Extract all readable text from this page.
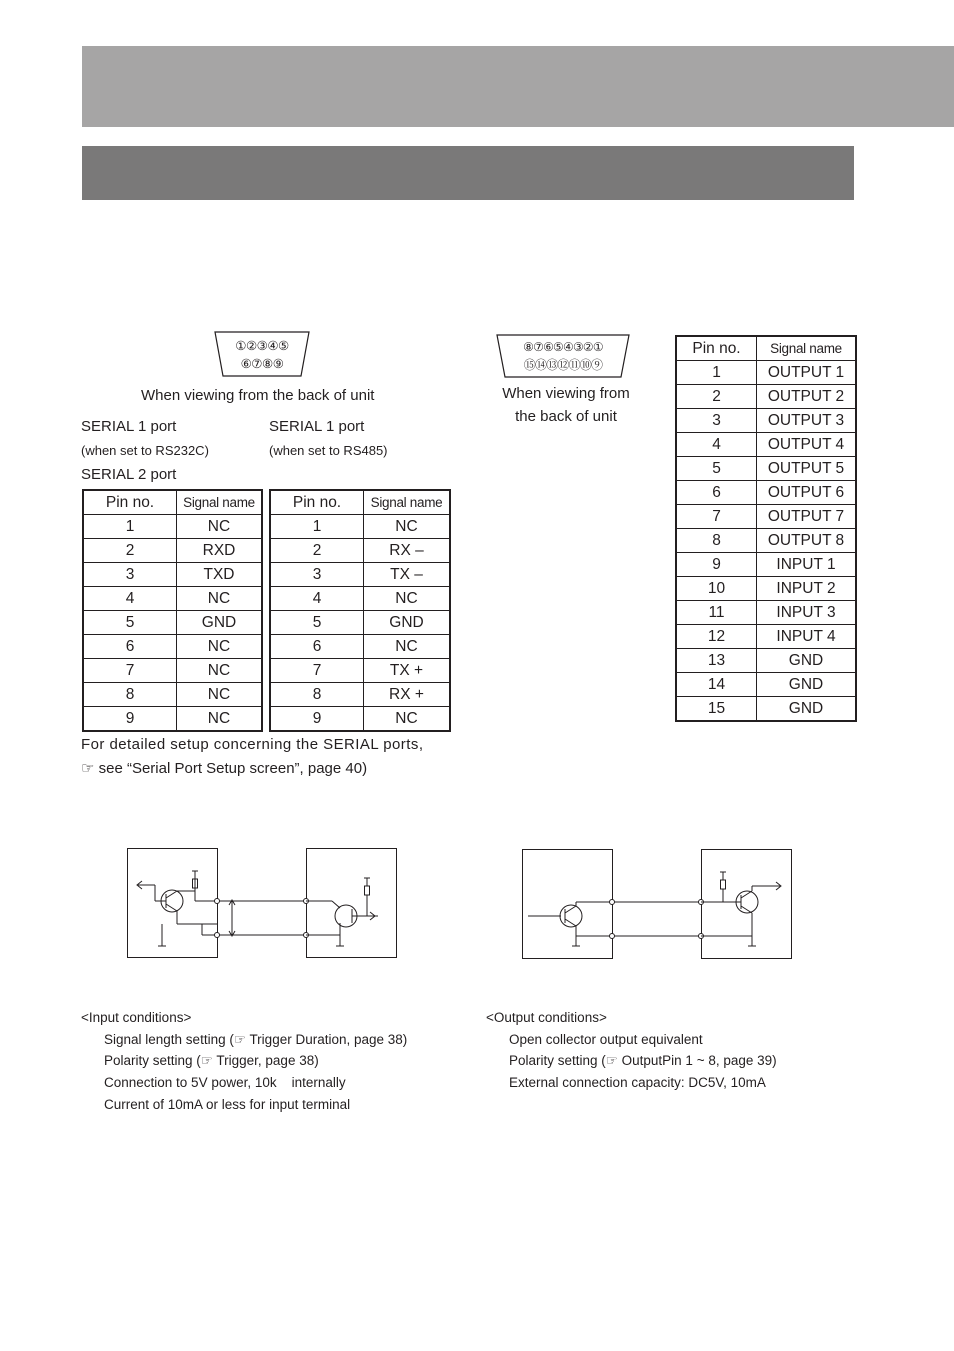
①②③④⑤
⑥⑦⑧⑨
When viewing from the back of unit
SERIAL 1 port
(when set to RS232C)
SERIAL 2 port
SERIAL 1 port
(when set to RS485)
Pin no.	Signal name
1	NC
2	RXD
3	TXD
4	NC
5	GND
6	NC
7	NC
8	NC
9	NC
Pin no.	Signal name
1	NC
2	RX –
3	TX –
4	NC
5	GND
6	NC
7	TX +
8	RX +
9	NC
For detailed setup concerning the SERIAL ports,
☞ see “Serial Port Setup screen”, page 40)
⑧⑦⑥⑤④③②①
⑮⑭⑬⑫⑪⑩⑨
When viewing from
the back of unit
Pin no.	Signal name
1	OUTPUT 1
2	OUTPUT 2
3	OUTPUT 3
4	OUTPUT 4
5	OUTPUT 5
6	OUTPUT 6
7	OUTPUT 7
8	OUTPUT 8
9	INPUT 1
10	INPUT 2
11	INPUT 3
12	INPUT 4
13	GND
14	GND
15	GND
<Input conditions>
Signal length setting (☞ Trigger Duration, page 38)
Polarity setting (☞ Trigger, page 38)
Connection to 5V power, 10k    internally
Current of 10mA or less for input terminal
<Output conditions>
Open collector output equivalent
Polarity setting (☞ OutputPin 1 ~ 8, page 39)
External connection capacity: DC5V, 10mA
